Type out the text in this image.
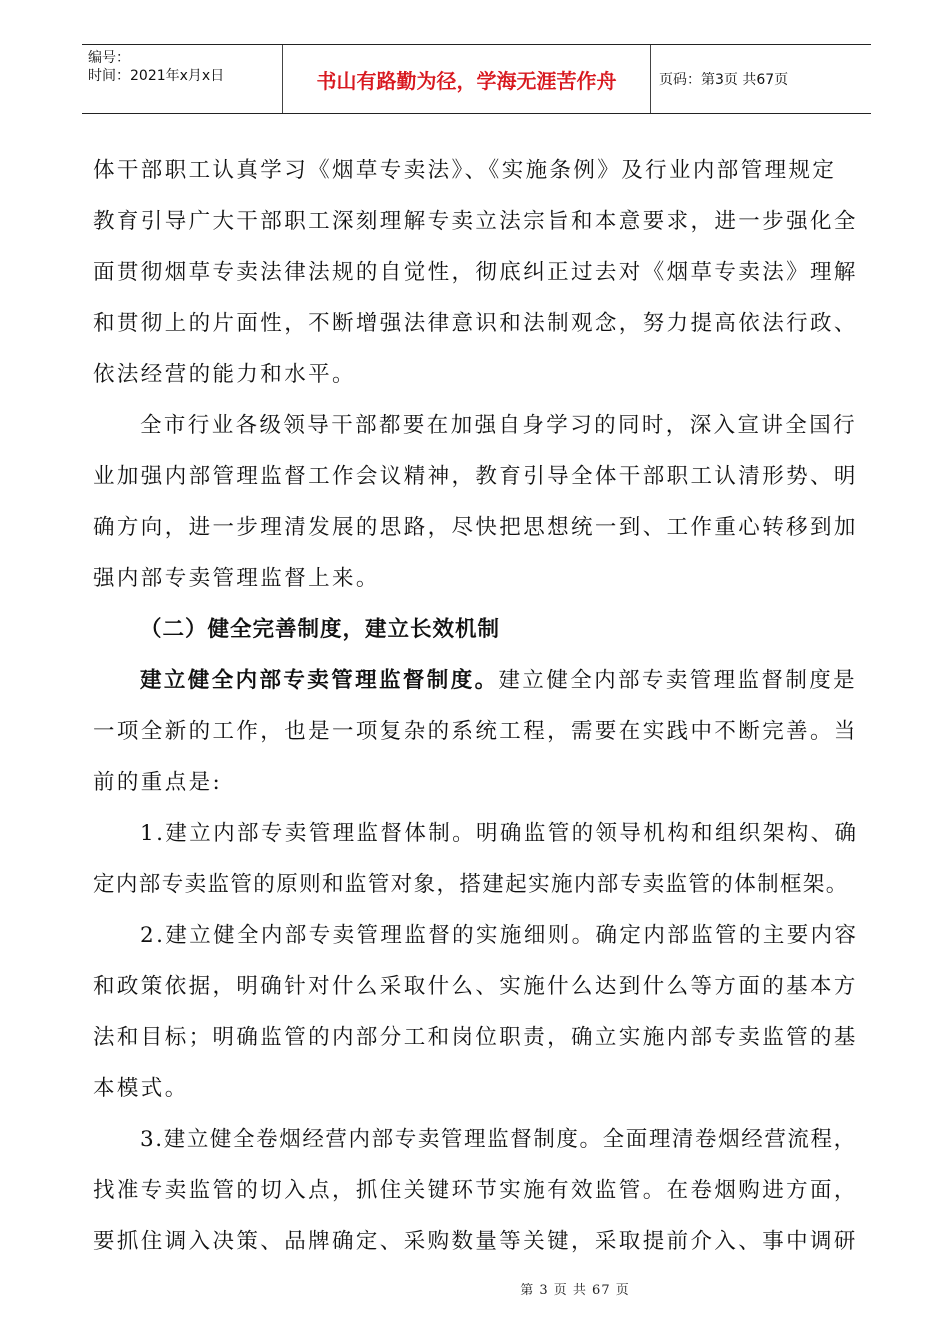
编号：
时间：2021年x月x日	书山有路勤为径，学海无涯苦作舟	页码：第3页 共67页

体干部职工认真学习《烟草专卖法》、《实施条例》及行业内部管理规定

教育引导广大干部职工深刻理解专卖立法宗旨和本意要求，进一步强化全

面贯彻烟草专卖法律法规的自觉性，彻底纠正过去对《烟草专卖法》理解

和贯彻上的片面性，不断增强法律意识和法制观念，努力提高依法行政、

依法经营的能力和水平。

全市行业各级领导干部都要在加强自身学习的同时，深入宣讲全国行

业加强内部管理监督工作会议精神，教育引导全体干部职工认清形势、明

确方向，进一步理清发展的思路，尽快把思想统一到、工作重心转移到加

强内部专卖管理监督上来。

（二）健全完善制度，建立长效机制

建立健全内部专卖管理监督制度。建立健全内部专卖管理监督制度是

一项全新的工作，也是一项复杂的系统工程，需要在实践中不断完善。当

前的重点是:

1.建立内部专卖管理监督体制。明确监管的领导机构和组织架构、确

定内部专卖监管的原则和监管对象，搭建起实施内部专卖监管的体制框架。

2.建立健全内部专卖管理监督的实施细则。确定内部监管的主要内容

和政策依据，明确针对什么采取什么、实施什么达到什么等方面的基本方

法和目标；明确监管的内部分工和岗位职责，确立实施内部专卖监管的基

本模式。

3.建立健全卷烟经营内部专卖管理监督制度。全面理清卷烟经营流程，

找准专卖监管的切入点，抓住关键环节实施有效监管。在卷烟购进方面，

要抓住调入决策、品牌确定、采购数量等关键，采取提前介入、事中调研

第 3 页 共 67 页
